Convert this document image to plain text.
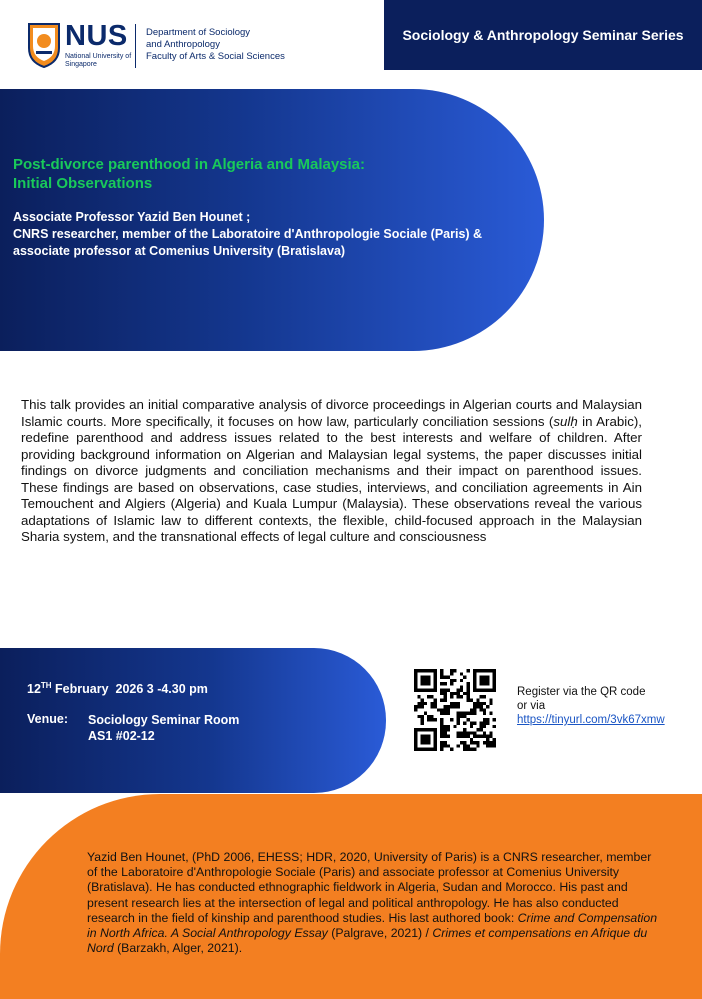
NUS
National University of Singapore
Department of Sociology
and Anthropology
Faculty of Arts & Social Sciences
Sociology & Anthropology Seminar Series
Post-divorce parenthood in Algeria and Malaysia:
Initial Observations
Associate Professor Yazid Ben Hounet ;
CNRS researcher, member of the Laboratoire d'Anthropologie Sociale (Paris) &
associate professor at Comenius University (Bratislava)
This talk provides an initial comparative analysis of divorce proceedings in Algerian courts and Malaysian Islamic courts. More specifically, it focuses on how law, particularly conciliation sessions (sulḥ in Arabic), redefine parenthood and address issues related to the best interests and welfare of children. After providing background information on Algerian and Malaysian legal systems, the paper discusses initial findings on divorce judgments and conciliation mechanisms and their impact on parenthood issues. These findings are based on observations, case studies, interviews, and conciliation agreements in Ain Temouchent and Algiers (Algeria) and Kuala Lumpur (Malaysia). These observations reveal the various adaptations of Islamic law to different contexts, the flexible, child-focused approach in the Malaysian Sharia system, and the transnational effects of legal culture and consciousness
12TH February  2026 3 -4.30 pm
Venue: Sociology Seminar Room
AS1 #02-12
Register via the QR code
or via
https://tinyurl.com/3vk67xmw
Yazid Ben Hounet, (PhD 2006, EHESS; HDR, 2020, University of Paris) is a CNRS researcher, member of the Laboratoire d'Anthropologie Sociale (Paris) and associate professor at Comenius University (Bratislava). He has conducted ethnographic fieldwork in Algeria, Sudan and Morocco. His past and present research lies at the intersection of legal and political anthropology. He has also conducted research in the field of kinship and parenthood studies. His last authored book: Crime and Compensation in North Africa. A Social Anthropology Essay (Palgrave, 2021) / Crimes et compensations en Afrique du Nord (Barzakh, Alger, 2021).
